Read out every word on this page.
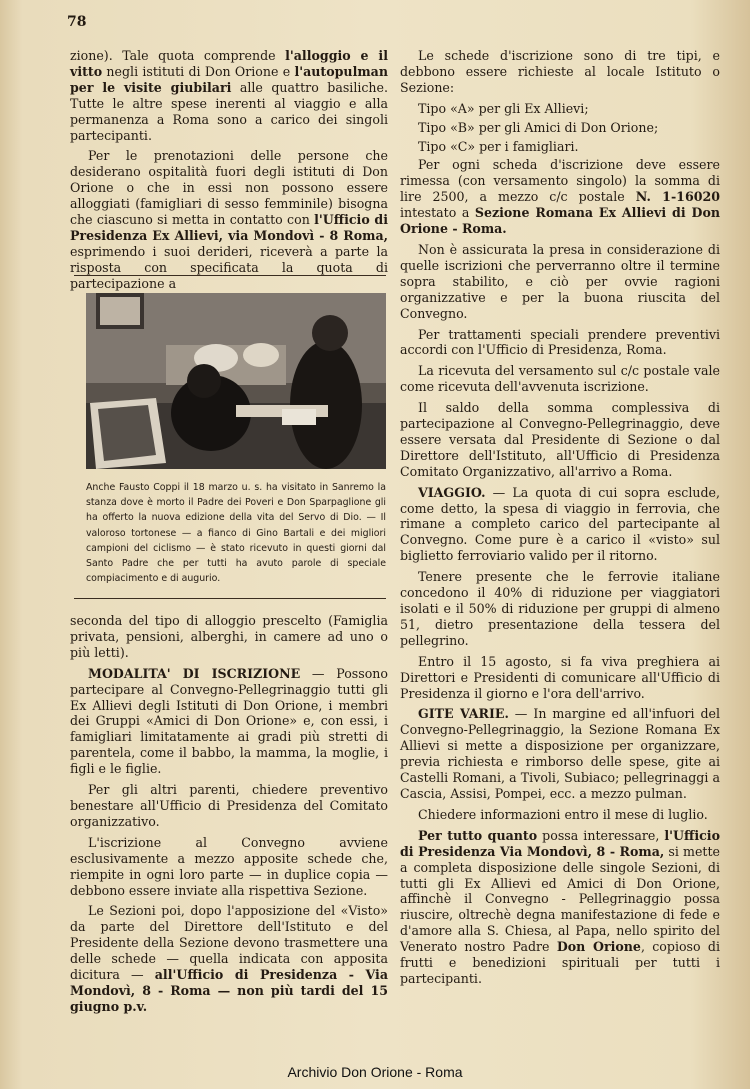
78

zione). Tale quota comprende l'alloggio e il vitto negli istituti di Don Orione e l'autopulman per le visite giubilari alle quattro basiliche. Tutte le altre spese inerenti al viaggio e alla permanenza a Roma sono a carico dei singoli partecipanti.

Per le prenotazioni delle persone che desiderano ospitalità fuori degli istituti di Don Orione o che in essi non possono essere alloggiati (famigliari di sesso femminile) bisogna che ciascuno si metta in contatto con l'Ufficio di Presidenza Ex Allievi, via Mondovì - 8 Roma, esprimendo i suoi derideri, riceverà a parte la risposta con specificata la quota di partecipazione a

Anche Fausto Coppi il 18 marzo u. s. ha visitato in Sanremo la stanza dove è morto il Padre dei Poveri e Don Sparpaglione gli ha offerto la nuova edizione della vita del Servo di Dio. — Il valoroso tortonese — a fianco di Gino Bartali e dei migliori campioni del ciclismo — è stato ricevuto in questi giorni dal Santo Padre che per tutti ha avuto parole di speciale compiacimento e di augurio.

seconda del tipo di alloggio prescelto (Famiglia privata, pensioni, alberghi, in camere ad uno o più letti).

MODALITA' DI ISCRIZIONE — Possono partecipare al Convegno-Pellegrinaggio tutti gli Ex Allievi degli Istituti di Don Orione, i membri dei Gruppi «Amici di Don Orione» e, con essi, i famigliari limitatamente ai gradi più stretti di parentela, come il babbo, la mamma, la moglie, i figli e le figlie.

Per gli altri parenti, chiedere preventivo benestare all'Ufficio di Presidenza del Comitato organizzativo.

L'iscrizione al Convegno avviene esclusivamente a mezzo apposite schede che, riempite in ogni loro parte — in duplice copia — debbono essere inviate alla rispettiva Sezione.

Le Sezioni poi, dopo l'apposizione del «Visto» da parte del Direttore dell'Istituto e del Presidente della Sezione devono trasmettere una delle schede — quella indicata con apposita dicitura — all'Ufficio di Presidenza - Via Mondovì, 8 - Roma — non più tardi del 15 giugno p.v.

Le schede d'iscrizione sono di tre tipi, e debbono essere richieste al locale Istituto o Sezione:

Tipo «A» per gli Ex Allievi;

Tipo «B» per gli Amici di Don Orione;

Tipo «C» per i famigliari.

Per ogni scheda d'iscrizione deve essere rimessa (con versamento singolo) la somma di lire 2500, a mezzo c/c postale N. 1-16020 intestato a Sezione Romana Ex Allievi di Don Orione - Roma.

Non è assicurata la presa in considerazione di quelle iscrizioni che perverranno oltre il termine sopra stabilito, e ciò per ovvie ragioni organizzative e per la buona riuscita del Convegno.

Per trattamenti speciali prendere preventivi accordi con l'Ufficio di Presidenza, Roma.

La ricevuta del versamento sul c/c postale vale come ricevuta dell'avvenuta iscrizione.

Il saldo della somma complessiva di partecipazione al Convegno-Pellegrinaggio, deve essere versata dal Presidente di Sezione o dal Direttore dell'Istituto, all'Ufficio di Presidenza Comitato Organizzativo, all'arrivo a Roma.

VIAGGIO. — La quota di cui sopra esclude, come detto, la spesa di viaggio in ferrovia, che rimane a completo carico del partecipante al Convegno. Come pure è a carico il «visto» sul biglietto ferroviario valido per il ritorno.

Tenere presente che le ferrovie italiane concedono il 40% di riduzione per viaggiatori isolati e il 50% di riduzione per gruppi di almeno 51, dietro presentazione della tessera del pellegrino.

Entro il 15 agosto, si fa viva preghiera ai Direttori e Presidenti di comunicare all'Ufficio di Presidenza il giorno e l'ora dell'arrivo.

GITE VARIE. — In margine ed all'infuori del Convegno-Pellegrinaggio, la Sezione Romana Ex Allievi si mette a disposizione per organizzare, previa richiesta e rimborso delle spese, gite ai Castelli Romani, a Tivoli, Subiaco; pellegrinaggi a Cascia, Assisi, Pompei, ecc. a mezzo pulman.

Chiedere informazioni entro il mese di luglio.

Per tutto quanto possa interessare, l'Ufficio di Presidenza Via Mondovì, 8 - Roma, si mette a completa disposizione delle singole Sezioni, di tutti gli Ex Allievi ed Amici di Don Orione, affinchè il Convegno - Pellegrinaggio possa riuscire, oltrechè degna manifestazione di fede e d'amore alla S. Chiesa, al Papa, nello spirito del Venerato nostro Padre Don Orione, copioso di frutti e benedizioni spirituali per tutti i partecipanti.

Archivio Don Orione - Roma
